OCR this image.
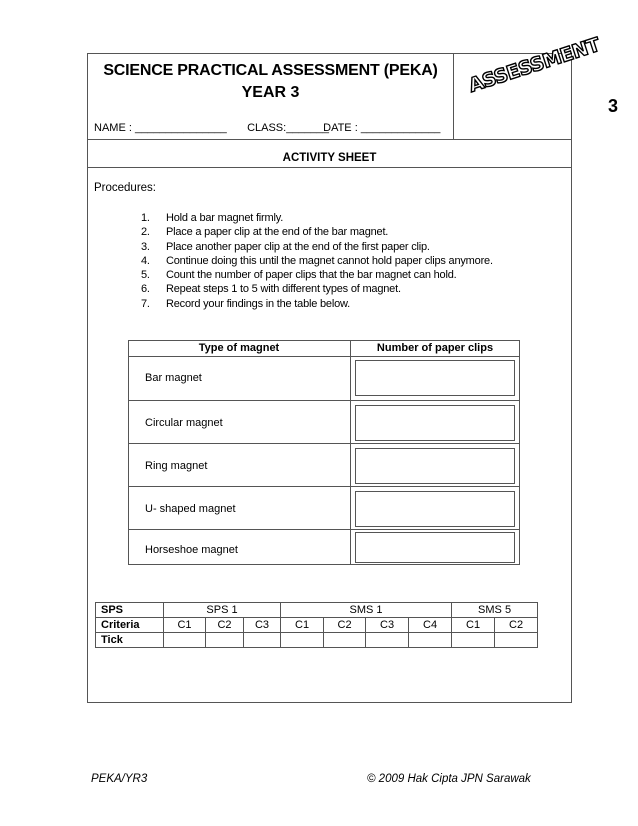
SCIENCE PRACTICAL ASSESSMENT (PEKA)
YEAR 3
NAME : _______________ CLASS:_______ DATE : _____________
ASSESSMENT
ACTIVITY SHEET
Procedures:
1. Hold a bar magnet firmly.
2. Place a paper clip at the end of the bar magnet.
3. Place another paper clip at the end of the first paper clip.
4. Continue doing this until the magnet cannot hold paper clips anymore.
5. Count the number of paper clips that the bar magnet can hold.
6. Repeat steps 1 to 5 with different types of magnet.
7. Record your findings in the table below.
Type of magnet	Number of paper clips
Bar magnet
Circular magnet
Ring magnet
U- shaped magnet
Horseshoe magnet
SPS	SPS 1			SMS 1				SMS 5	
Criteria	C1	C2	C3	C1	C2	C3	C4	C1	C2
Tick									
3
PEKA/YR3	© 2009 Hak Cipta JPN Sarawak
